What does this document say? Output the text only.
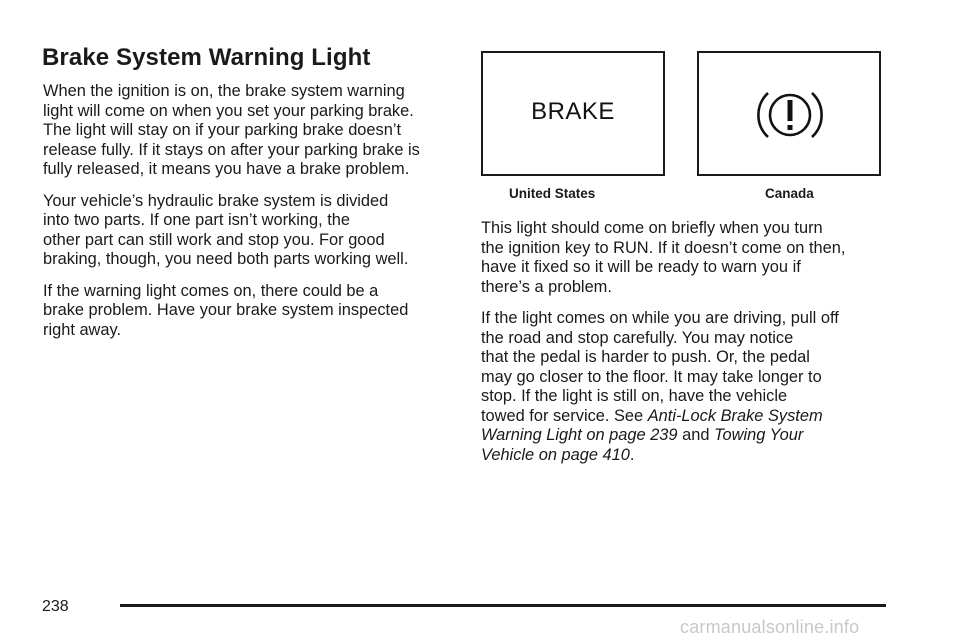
Brake System Warning Light

When the ignition is on, the brake system warning
light will come on when you set your parking brake.
The light will stay on if your parking brake doesn’t
release fully. If it stays on after your parking brake is
fully released, it means you have a brake problem.

Your vehicle’s hydraulic brake system is divided
into two parts. If one part isn’t working, the
other part can still work and stop you. For good
braking, though, you need both parts working well.

If the warning light comes on, there could be a
brake problem. Have your brake system inspected
right away.

BRAKE
United States	Canada

This light should come on briefly when you turn
the ignition key to RUN. If it doesn’t come on then,
have it fixed so it will be ready to warn you if
there’s a problem.

If the light comes on while you are driving, pull off
the road and stop carefully. You may notice
that the pedal is harder to push. Or, the pedal
may go closer to the floor. It may take longer to
stop. If the light is still on, have the vehicle
towed for service. See Anti-Lock Brake System
Warning Light on page 239 and Towing Your
Vehicle on page 410.

238
carmanualsonline.info
